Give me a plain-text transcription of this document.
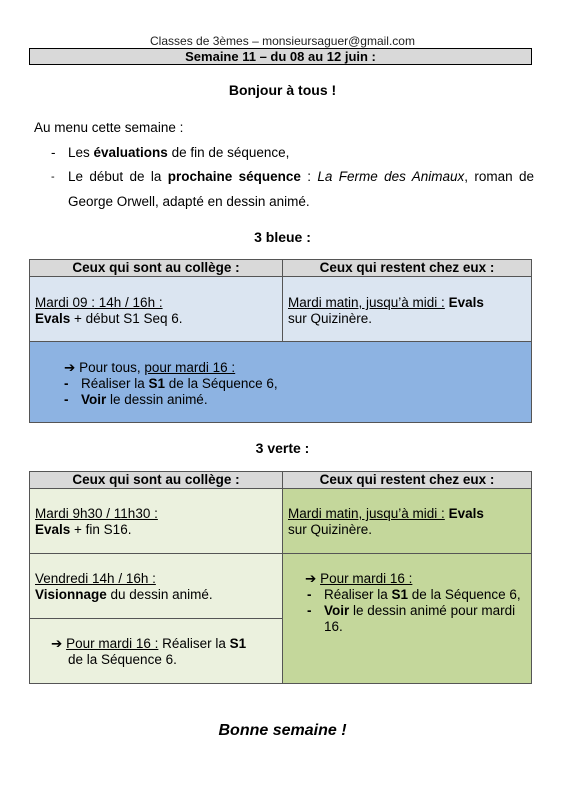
Classes de 3èmes – monsieursaguer@gmail.com
Semaine 11 – du 08 au 12 juin :
Bonjour à tous !
Au menu cette semaine :
- Les évaluations de fin de séquence,
- Le début de la prochaine séquence : La Ferme des Animaux, roman de George Orwell, adapté en dessin animé.
3 bleue :
Ceux qui sont au collège :	Ceux qui restent chez eux :
Mardi 09 : 14h / 16h :
Evals + début S1 Seq 6.
Mardi matin, jusqu’à midi : Evals
sur Quizinère.
➔ Pour tous, pour mardi 16 :
- Réaliser la S1 de la Séquence 6,
- Voir le dessin animé.
3 verte :
Ceux qui sont au collège :	Ceux qui restent chez eux :
Mardi 9h30 / 11h30 :
Evals + fin S16.
Mardi matin, jusqu’à midi : Evals
sur Quizinère.
Vendredi 14h / 16h :
Visionnage du dessin animé.
➔ Pour mardi 16 : Réaliser la S1
de la Séquence 6.
➔ Pour mardi 16 :
- Réaliser la S1 de la Séquence 6,
- Voir le dessin animé pour mardi 16.
Bonne semaine !
